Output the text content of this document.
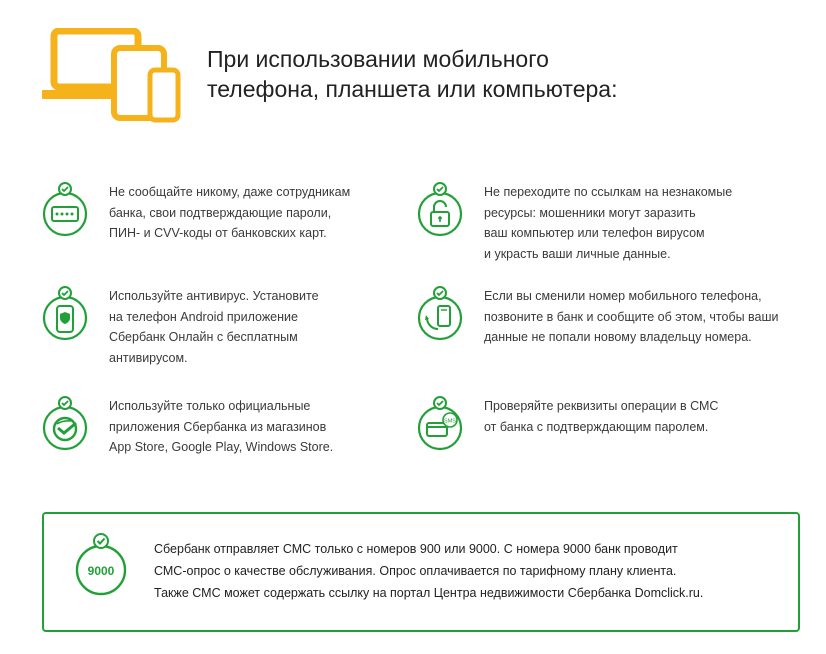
При использовании мобильного
телефона, планшета или компьютера:
Не сообщайте никому, даже сотрудникам
банка, свои подтверждающие пароли,
ПИН- и CVV-коды от банковских карт.
Не переходите по ссылкам на незнакомые
ресурсы: мошенники могут заразить
ваш компьютер или телефон вирусом
и украсть ваши личные данные.
Используйте антивирус. Установите
на телефон Android приложение
Сбербанк Онлайн с бесплатным
антивирусом.
Если вы сменили номер мобильного телефона,
позвоните в банк и сообщите об этом, чтобы ваши
данные не попали новому владельцу номера.
Используйте только официальные
приложения Сбербанка из магазинов
App Store, Google Play, Windows Store.
SMS
Проверяйте реквизиты операции в СМС
от банка с подтверждающим паролем.
9000
Сбербанк отправляет СМС только с номеров 900 или 9000. С номера 9000 банк проводит
СМС-опрос о качестве обслуживания. Опрос оплачивается по тарифному плану клиента.
Также СМС может содержать ссылку на портал Центра недвижимости Сбербанка Domclick.ru.
